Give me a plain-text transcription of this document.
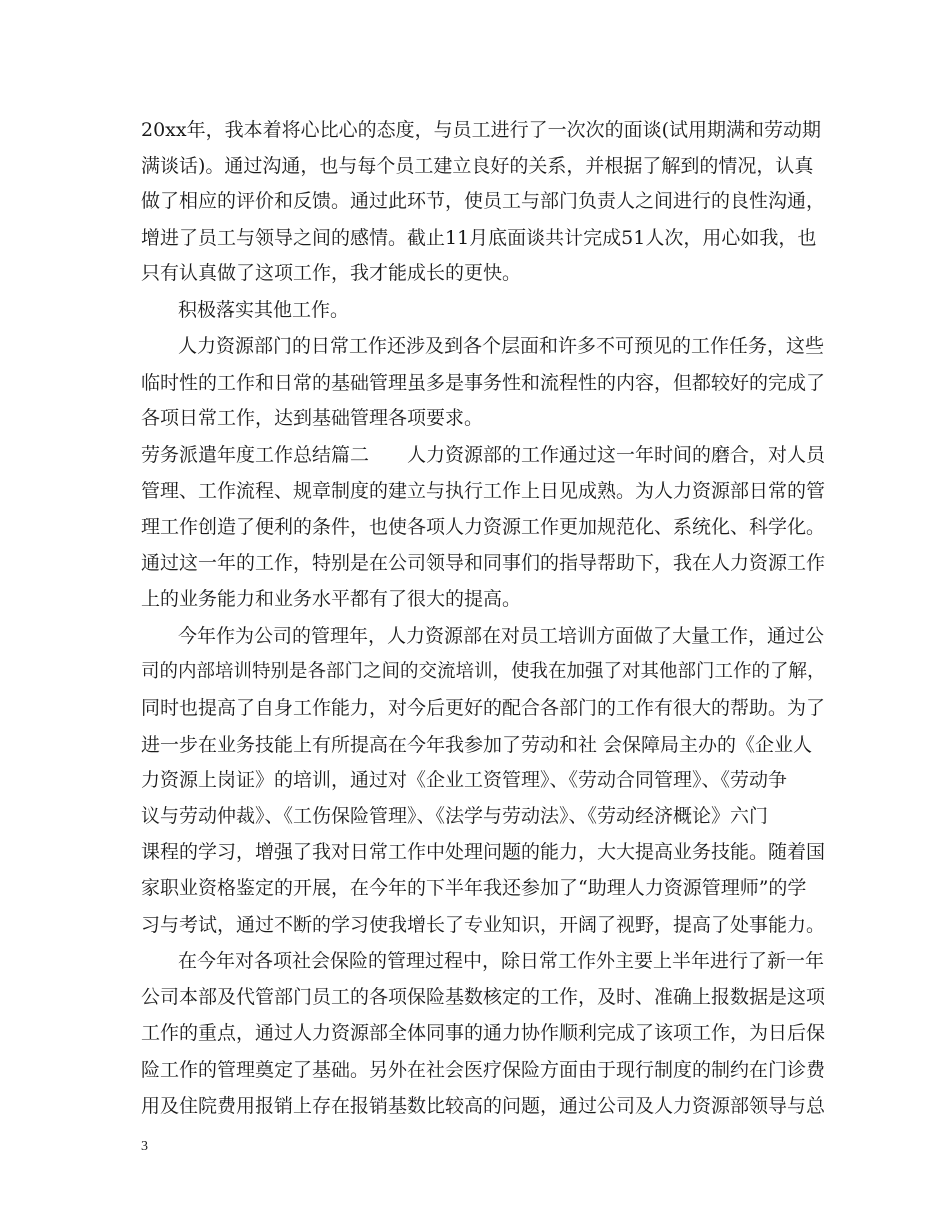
20xx年，我本着将心比心的态度，与员工进行了一次次的面谈(试用期满和劳动期
满谈话)。通过沟通，也与每个员工建立良好的关系，并根据了解到的情况，认真
做了相应的评价和反馈。通过此环节，使员工与部门负责人之间进行的良性沟通，
增进了员工与领导之间的感情。截止11月底面谈共计完成51人次，用心如我，也
只有认真做了这项工作，我才能成长的更快。
积极落实其他工作。
人力资源部门的日常工作还涉及到各个层面和许多不可预见的工作任务，这些
临时性的工作和日常的基础管理虽多是事务性和流程性的内容，但都较好的完成了
各项日常工作，达到基础管理各项要求。
劳务派遣年度工作总结篇二　　人力资源部的工作通过这一年时间的磨合，对人员
管理、工作流程、规章制度的建立与执行工作上日见成熟。为人力资源部日常的管
理工作创造了便利的条件，也使各项人力资源工作更加规范化、系统化、科学化。
通过这一年的工作，特别是在公司领导和同事们的指导帮助下，我在人力资源工作
上的业务能力和业务水平都有了很大的提高。
今年作为公司的管理年，人力资源部在对员工培训方面做了大量工作，通过公
司的内部培训特别是各部门之间的交流培训，使我在加强了对其他部门工作的了解，
同时也提高了自身工作能力，对今后更好的配合各部门的工作有很大的帮助。为了
进一步在业务技能上有所提高在今年我参加了劳动和社 会保障局主办的《企业人
力资源上岗证》的培训，通过对《企业工资管理》、《劳动合同管理》、《劳动争
议与劳动仲裁》、《工伤保险管理》、《法学与劳动法》、《劳动经济概论》六门
课程的学习，增强了我对日常工作中处理问题的能力，大大提高业务技能。随着国
家职业资格鉴定的开展，在今年的下半年我还参加了“助理人力资源管理师”的学
习与考试，通过不断的学习使我增长了专业知识，开阔了视野，提高了处事能力。
在今年对各项社会保险的管理过程中，除日常工作外主要上半年进行了新一年
公司本部及代管部门员工的各项保险基数核定的工作，及时、准确上报数据是这项
工作的重点，通过人力资源部全体同事的通力协作顺利完成了该项工作，为日后保
险工作的管理奠定了基础。另外在社会医疗保险方面由于现行制度的制约在门诊费
用及住院费用报销上存在报销基数比较高的问题，通过公司及人力资源部领导与总
3
